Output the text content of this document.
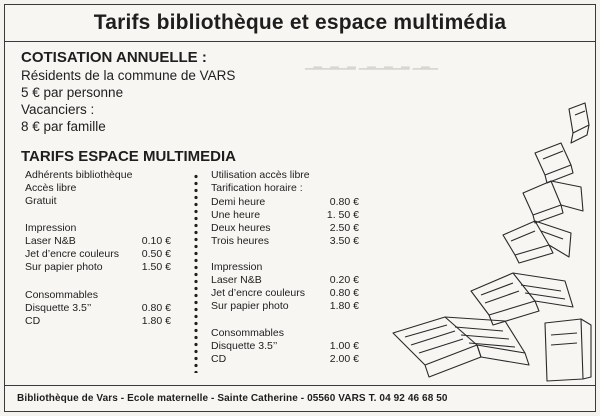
Tarifs bibliothèque et espace multimédia
▁▂▁▂▁▂ ▁▂▁▂▁▂ ▁▂▁
COTISATION ANNUELLE :
Résidents de la commune de VARS
5 € par personne
Vacanciers :
8 € par famille
TARIFS ESPACE MULTIMEDIA
Adhérents bibliothèque
Accès libre
Gratuit
Impression
Laser N&B	0.10 €
Jet d’encre couleurs	0.50 €
Sur papier photo	1.50 €
Consommables
Disquette 3.5’’	0.80 €
CD	1.80 €
Utilisation accès libre
Tarification horaire :
Demi heure	0.80 €
Une heure	1. 50 €
Deux heures	2.50 €
Trois heures	3.50 €
Impression
Laser N&B	0.20 €
Jet d’encre couleurs	0.80 €
Sur papier photo	1.80 €
Consommables
Disquette 3.5’’	1.00 €
CD	2.00 €
Bibliothèque de Vars - Ecole maternelle - Sainte Catherine - 05560 VARS T. 04 92 46 68 50
